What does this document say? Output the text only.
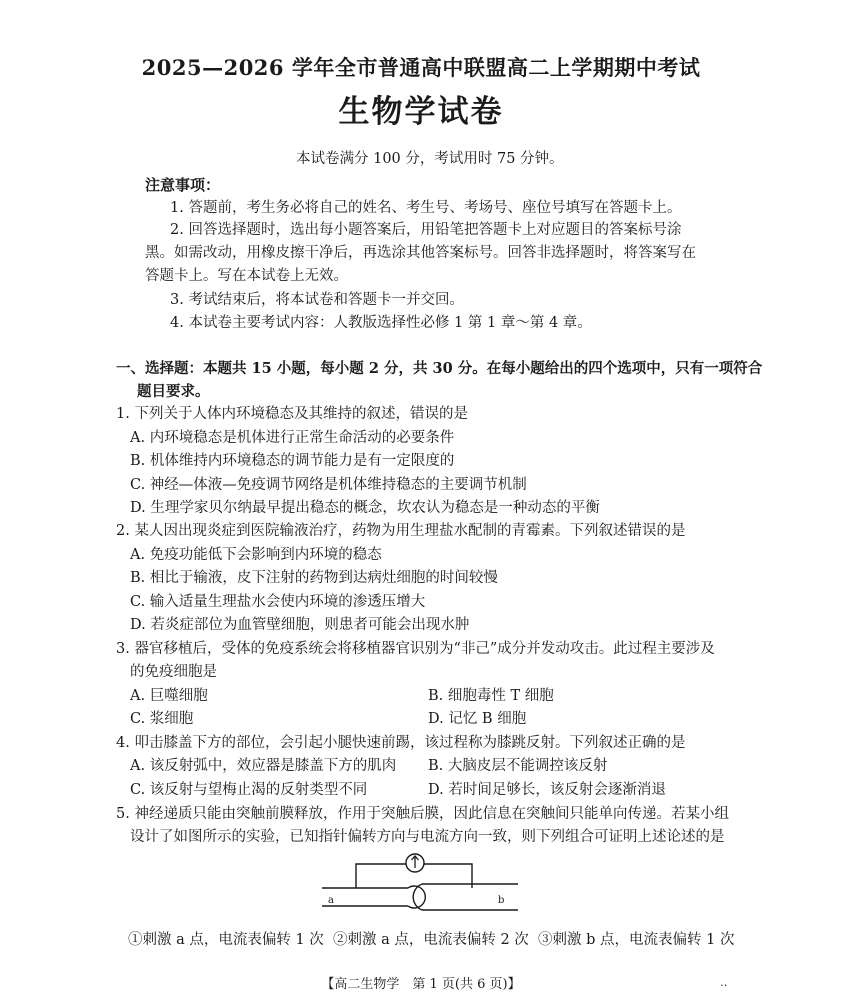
2025—2026 学年全市普通高中联盟高二上学期期中考试
生物学试卷
本试卷满分 100 分，考试用时 75 分钟。
注意事项：
1. 答题前，考生务必将自己的姓名、考生号、考场号、座位号填写在答题卡上。
2. 回答选择题时，选出每小题答案后，用铅笔把答题卡上对应题目的答案标号涂
黑。如需改动，用橡皮擦干净后，再选涂其他答案标号。回答非选择题时，将答案写在
答题卡上。写在本试卷上无效。
3. 考试结束后，将本试卷和答题卡一并交回。
4. 本试卷主要考试内容：人教版选择性必修 1 第 1 章～第 4 章。
一、选择题：本题共 15 小题，每小题 2 分，共 30 分。在每小题给出的四个选项中，只有一项符合
题目要求。
1. 下列关于人体内环境稳态及其维持的叙述，错误的是
A. 内环境稳态是机体进行正常生命活动的必要条件
B. 机体维持内环境稳态的调节能力是有一定限度的
C. 神经—体液—免疫调节网络是机体维持稳态的主要调节机制
D. 生理学家贝尔纳最早提出稳态的概念，坎农认为稳态是一种动态的平衡
2. 某人因出现炎症到医院输液治疗，药物为用生理盐水配制的青霉素。下列叙述错误的是
A. 免疫功能低下会影响到内环境的稳态
B. 相比于输液，皮下注射的药物到达病灶细胞的时间较慢
C. 输入适量生理盐水会使内环境的渗透压增大
D. 若炎症部位为血管壁细胞，则患者可能会出现水肿
3. 器官移植后，受体的免疫系统会将移植器官识别为“非己”成分并发动攻击。此过程主要涉及
的免疫细胞是
A. 巨噬细胞	B. 细胞毒性 T 细胞
C. 浆细胞	D. 记忆 B 细胞
4. 叩击膝盖下方的部位，会引起小腿快速前踢，该过程称为膝跳反射。下列叙述正确的是
A. 该反射弧中，效应器是膝盖下方的肌肉 B. 大脑皮层不能调控该反射
C. 该反射与望梅止渴的反射类型不同	D. 若时间足够长，该反射会逐渐消退
5. 神经递质只能由突触前膜释放，作用于突触后膜，因此信息在突触间只能单向传递。若某小组
设计了如图所示的实验，已知指针偏转方向与电流方向一致，则下列组合可证明上述论述的是
a	b
①刺激 a 点，电流表偏转 1 次 ②刺激 a 点，电流表偏转 2 次 ③刺激 b 点，电流表偏转 1 次
【高二生物学　第 1 页(共 6 页)】	‥
